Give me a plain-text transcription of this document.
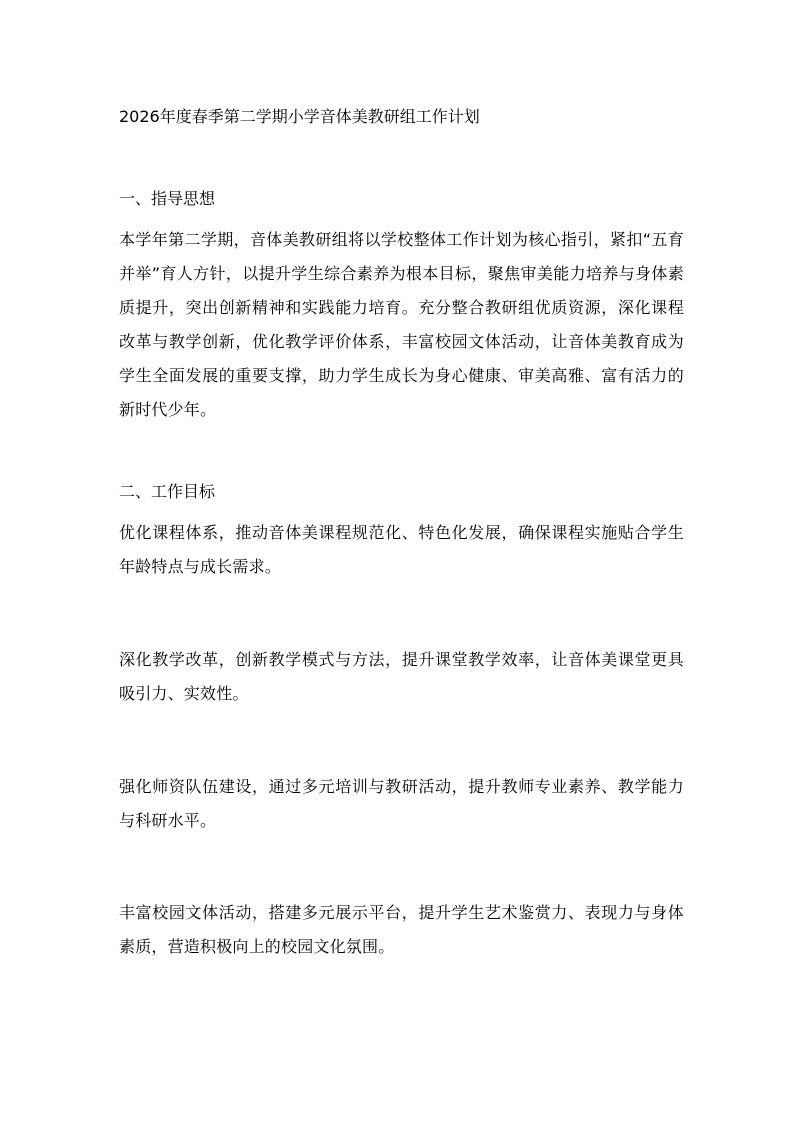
2026年度春季第二学期小学音体美教研组工作计划
一、指导思想

本学年第二学期，音体美教研组将以学校整体工作计划为核心指引，紧扣“五育并举”育人方针，以提升学生综合素养为根本目标，聚焦审美能力培养与身体素质提升，突出创新精神和实践能力培育。充分整合教研组优质资源，深化课程改革与教学创新，优化教学评价体系，丰富校园文体活动，让音体美教育成为学生全面发展的重要支撑，助力学生成长为身心健康、审美高雅、富有活力的新时代少年。

二、工作目标

优化课程体系，推动音体美课程规范化、特色化发展，确保课程实施贴合学生年龄特点与成长需求。

深化教学改革，创新教学模式与方法，提升课堂教学效率，让音体美课堂更具吸引力、实效性。

强化师资队伍建设，通过多元培训与教研活动，提升教师专业素养、教学能力与科研水平。

丰富校园文体活动，搭建多元展示平台，提升学生艺术鉴赏力、表现力与身体素质，营造积极向上的校园文化氛围。
